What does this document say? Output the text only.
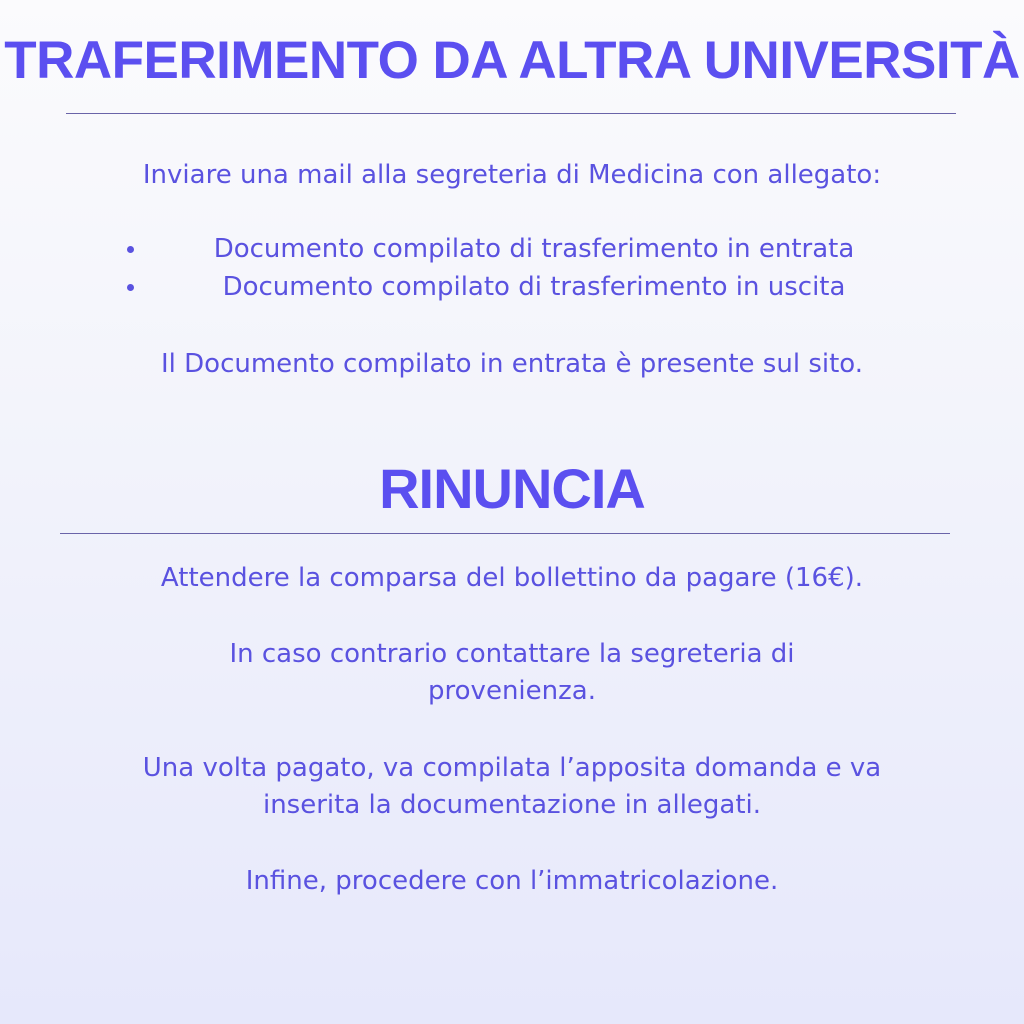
TRAFERIMENTO DA ALTRA UNIVERSITÀ

Inviare una mail alla segreteria di Medicina con allegato:

Documento compilato di trasferimento in entrata
Documento compilato di trasferimento in uscita

Il Documento compilato in entrata è presente sul sito.

RINUNCIA

Attendere la comparsa del bollettino da pagare (16€).

In caso contrario contattare la segreteria di

provenienza.

Una volta pagato, va compilata l’apposita domanda e va

inserita la documentazione in allegati.

Infine, procedere con l’immatricolazione.
